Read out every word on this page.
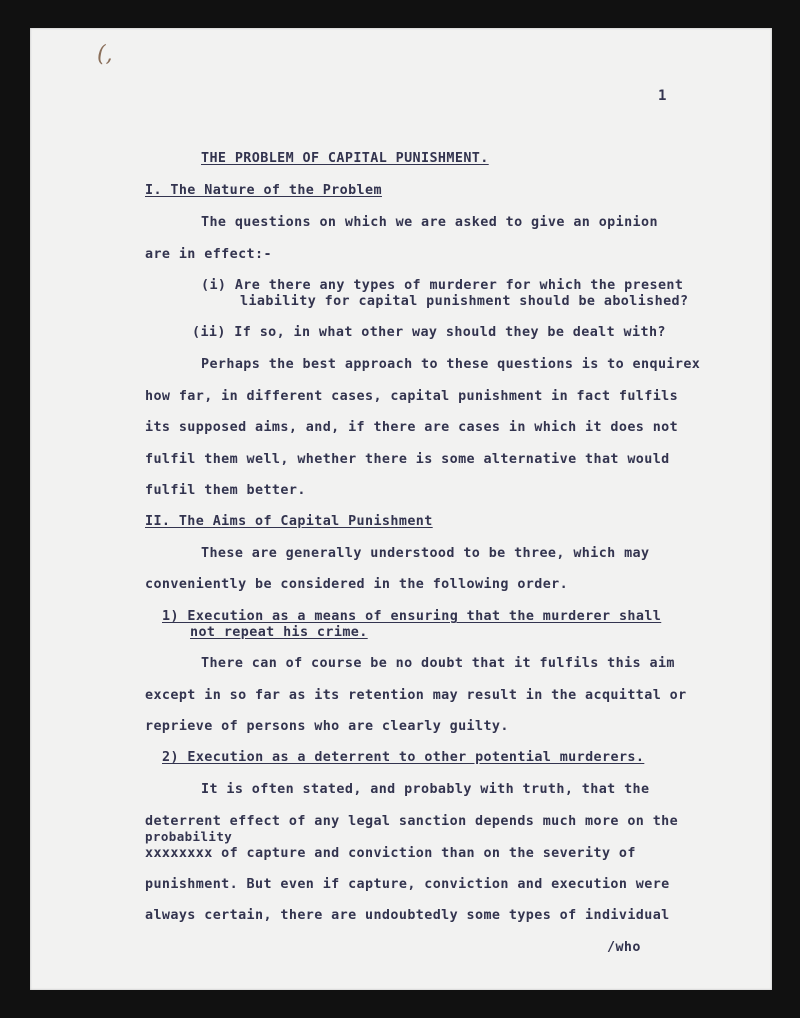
(,
1
THE PROBLEM OF CAPITAL PUNISHMENT.
I. The Nature of the Problem
The questions on which we are asked to give an opinion
are in effect:-
(i) Are there any types of murderer for which the present
liability for capital punishment should be abolished?
(ii) If so, in what other way should they be dealt with?
Perhaps the best approach to these questions is to enquirex
how far, in different cases, capital punishment in fact fulfils
its supposed aims, and, if there are cases in which it does not
fulfil them well, whether there is some alternative that would
fulfil them better.
II. The Aims of Capital Punishment
These are generally understood to be three, which may
conveniently be considered in the following order.
1) Execution as a means of ensuring that the murderer shall
not repeat his crime.
There can of course be no doubt that it fulfils this aim
except in so far as its retention may result in the acquittal or
reprieve of persons who are clearly guilty.
2) Execution as a deterrent to other potential murderers.
It is often stated, and probably with truth, that the
deterrent effect of any legal sanction depends much more on the
probability
xxxxxxxx of capture and conviction than on the severity of
punishment. But even if capture, conviction and execution were
always certain, there are undoubtedly some types of individual
/who
